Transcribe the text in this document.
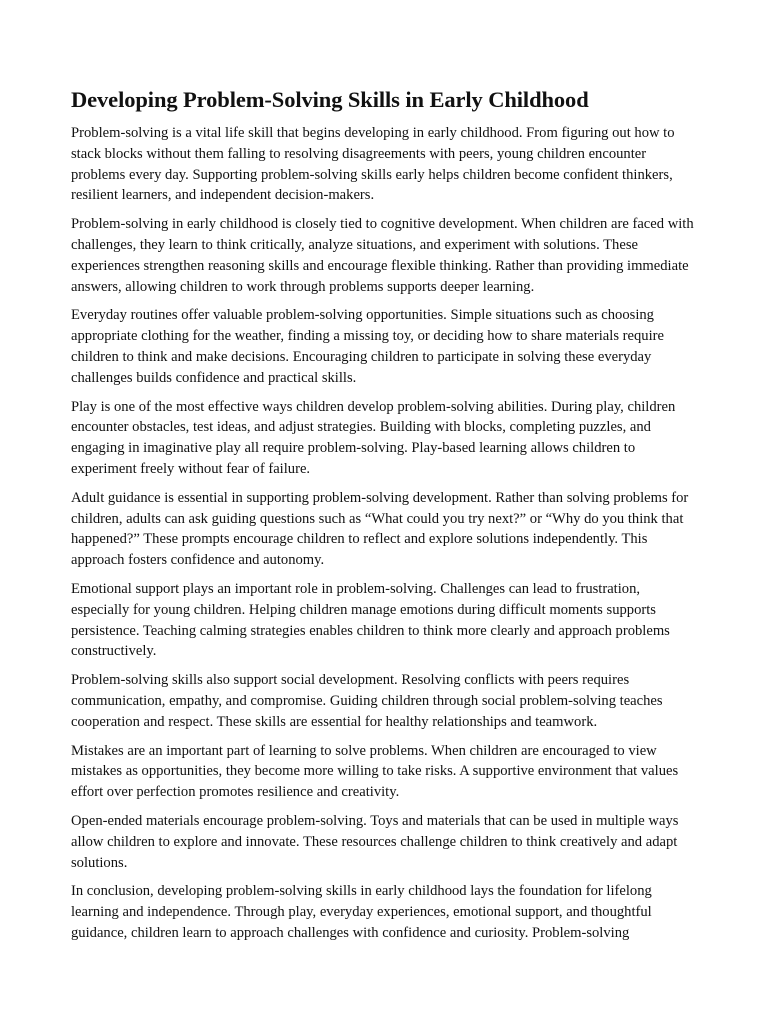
Developing Problem-Solving Skills in Early Childhood

Problem-solving is a vital life skill that begins developing in early childhood. From figuring out how to stack blocks without them falling to resolving disagreements with peers, young children encounter problems every day. Supporting problem-solving skills early helps children become confident thinkers, resilient learners, and independent decision-makers.

Problem-solving in early childhood is closely tied to cognitive development. When children are faced with challenges, they learn to think critically, analyze situations, and experiment with solutions. These experiences strengthen reasoning skills and encourage flexible thinking. Rather than providing immediate answers, allowing children to work through problems supports deeper learning.

Everyday routines offer valuable problem-solving opportunities. Simple situations such as choosing appropriate clothing for the weather, finding a missing toy, or deciding how to share materials require children to think and make decisions. Encouraging children to participate in solving these everyday challenges builds confidence and practical skills.

Play is one of the most effective ways children develop problem-solving abilities. During play, children encounter obstacles, test ideas, and adjust strategies. Building with blocks, completing puzzles, and engaging in imaginative play all require problem-solving. Play-based learning allows children to experiment freely without fear of failure.

Adult guidance is essential in supporting problem-solving development. Rather than solving problems for children, adults can ask guiding questions such as “What could you try next?” or “Why do you think that happened?” These prompts encourage children to reflect and explore solutions independently. This approach fosters confidence and autonomy.

Emotional support plays an important role in problem-solving. Challenges can lead to frustration, especially for young children. Helping children manage emotions during difficult moments supports persistence. Teaching calming strategies enables children to think more clearly and approach problems constructively.

Problem-solving skills also support social development. Resolving conflicts with peers requires communication, empathy, and compromise. Guiding children through social problem-solving teaches cooperation and respect. These skills are essential for healthy relationships and teamwork.

Mistakes are an important part of learning to solve problems. When children are encouraged to view mistakes as opportunities, they become more willing to take risks. A supportive environment that values effort over perfection promotes resilience and creativity.

Open-ended materials encourage problem-solving. Toys and materials that can be used in multiple ways allow children to explore and innovate. These resources challenge children to think creatively and adapt solutions.

In conclusion, developing problem-solving skills in early childhood lays the foundation for lifelong learning and independence. Through play, everyday experiences, emotional support, and thoughtful guidance, children learn to approach challenges with confidence and curiosity. Problem-solving
